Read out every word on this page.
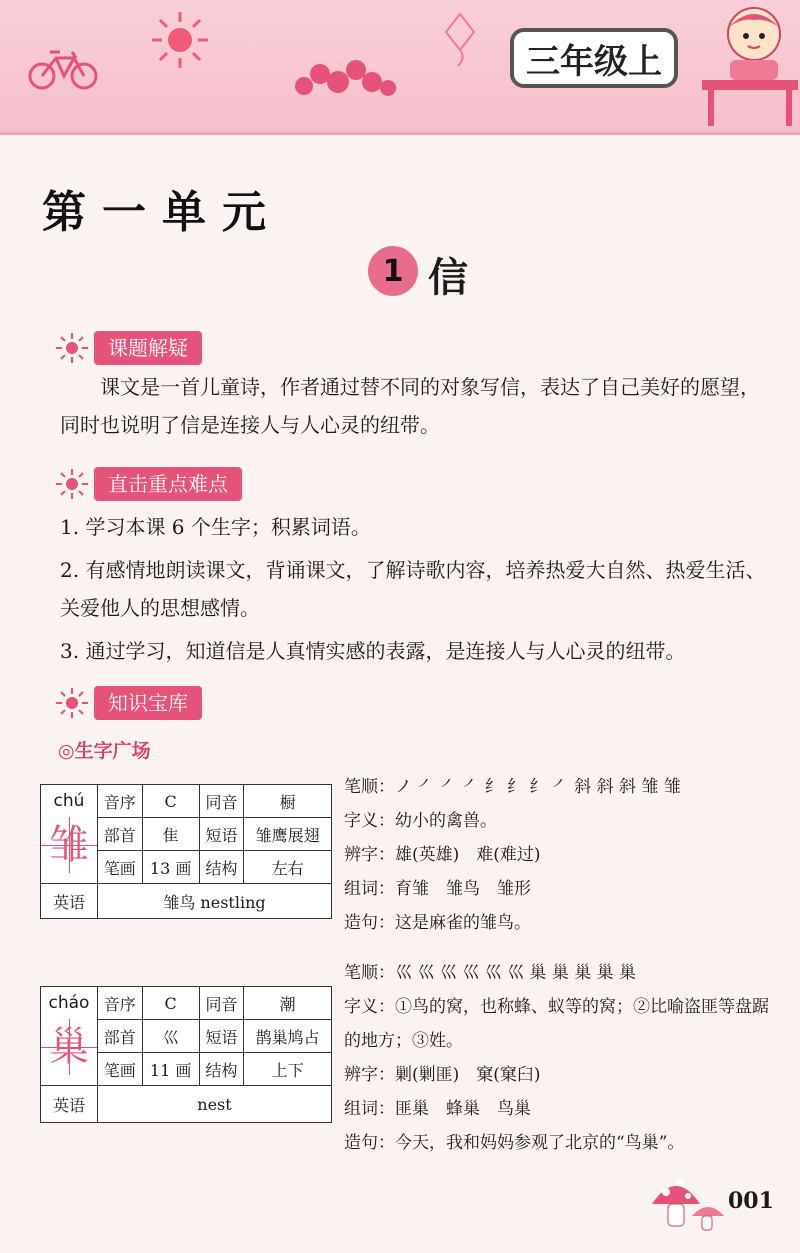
三年级上
第一单元
1 信
课题解疑
课文是一首儿童诗，作者通过替不同的对象写信，表达了自己美好的愿望，同时也说明了信是连接人与人心灵的纽带。
直击重点难点
1. 学习本课 6 个生字；积累词语。
2. 有感情地朗读课文，背诵课文，了解诗歌内容，培养热爱大自然、热爱生活、关爱他人的思想感情。
3. 通过学习，知道信是人真情实感的表露，是连接人与人心灵的纽带。
知识宝库
◎生字广场
chú
雏	音序	C	同音	橱
	部首	隹	短语	雏鹰展翅
	笔画	13 画	结构	左右
英语	雏鸟 nestling			
cháo
巢	音序	C	同音	潮
	部首	巛	短语	鹊巢鸠占
	笔画	11 画	结构	上下
英语	nest			
笔顺：ノ ㇒ ㇒ ㇒ 纟 纟 纟 ㇒ 斜 斜 斜 雏 雏
字义：幼小的禽兽。
辨字：雄(英雄)　难(难过)
组词：育雏　雏鸟　雏形
造句：这是麻雀的雏鸟。
笔顺：巛 巛 巛 巛 巛 巛 巢 巢 巢 巢 巢
字义：①鸟的窝，也称蜂、蚁等的窝；②比喻盗匪等盘踞的地方；③姓。
辨字：剿(剿匪)　窠(窠臼)
组词：匪巢　蜂巢　鸟巢
造句：今天，我和妈妈参观了北京的“鸟巢”。
001
